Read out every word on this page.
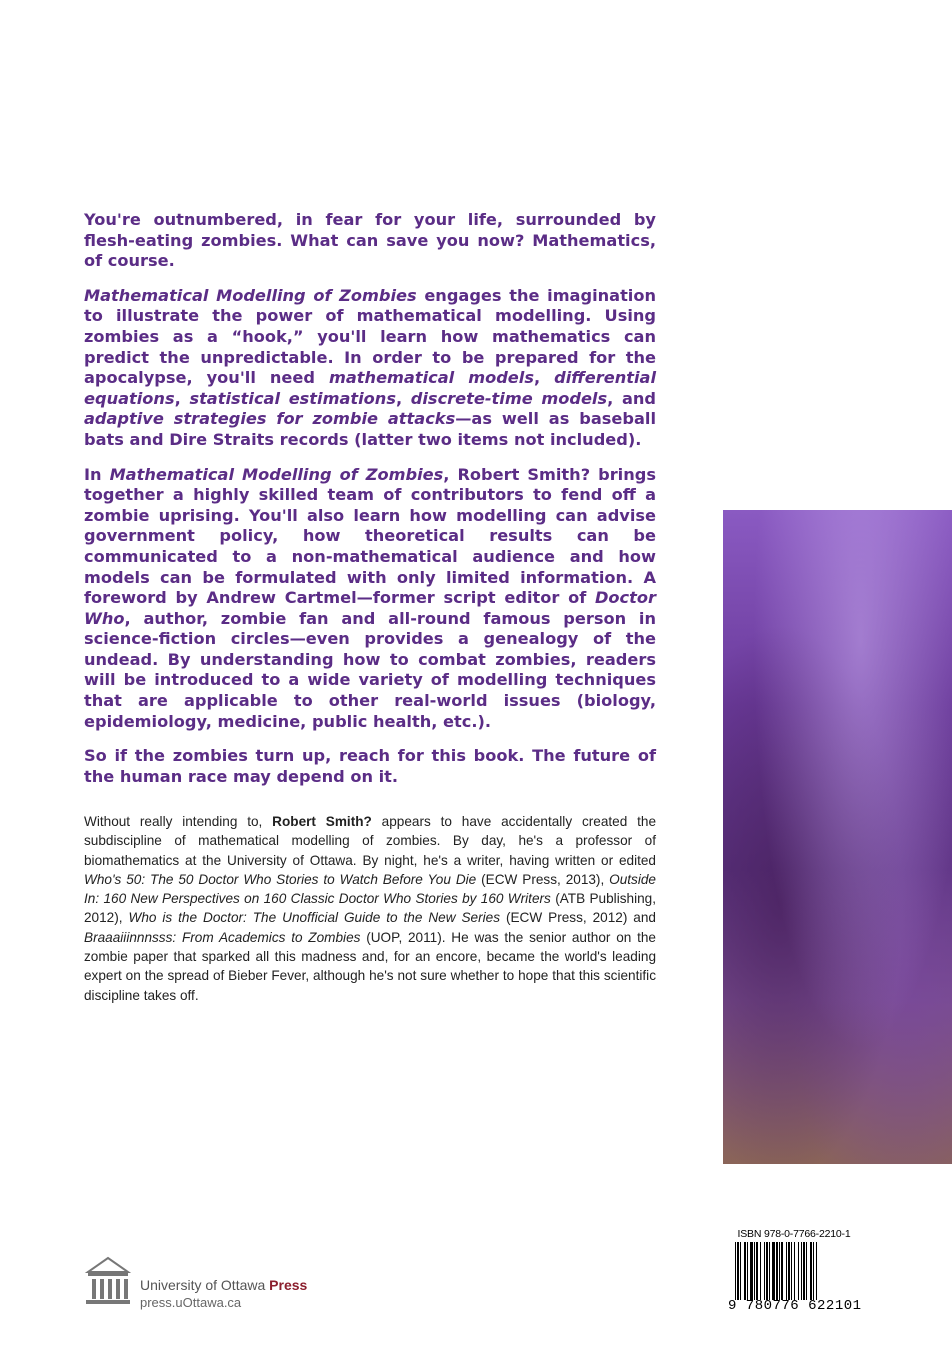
You're outnumbered, in fear for your life, surrounded by flesh-eating zombies. What can save you now? Mathematics, of course.

Mathematical Modelling of Zombies engages the imagination to illustrate the power of mathematical modelling. Using zombies as a “hook,” you'll learn how mathematics can predict the unpredictable. In order to be prepared for the apocalypse, you'll need mathematical models, differential equations, statistical estimations, discrete-time models, and adaptive strategies for zombie attacks—as well as baseball bats and Dire Straits records (latter two items not included).

In Mathematical Modelling of Zombies, Robert Smith? brings together a highly skilled team of contributors to fend off a zombie uprising. You'll also learn how modelling can advise government policy, how theoretical results can be communicated to a non-mathematical audience and how models can be formulated with only limited information. A foreword by Andrew Cartmel—former script editor of Doctor Who, author, zombie fan and all-round famous person in science-fiction circles—even provides a genealogy of the undead. By understanding how to combat zombies, readers will be introduced to a wide variety of modelling techniques that are applicable to other real-world issues (biology, epidemiology, medicine, public health, etc.).

So if the zombies turn up, reach for this book. The future of the human race may depend on it.

Without really intending to, Robert Smith? appears to have accidentally created the subdiscipline of mathematical modelling of zombies. By day, he's a professor of biomathematics at the University of Ottawa. By night, he's a writer, having written or edited Who's 50: The 50 Doctor Who Stories to Watch Before You Die (ECW Press, 2013), Outside In: 160 New Perspectives on 160 Classic Doctor Who Stories by 160 Writers (ATB Publishing, 2012), Who is the Doctor: The Unofficial Guide to the New Series (ECW Press, 2012) and Braaaiiinnnsss: From Academics to Zombies (UOP, 2011). He was the senior author on the zombie paper that sparked all this madness and, for an encore, became the world's leading expert on the spread of Bieber Fever, although he's not sure whether to hope that this scientific discipline takes off.

ISBN 978-0-7766-2210-1
9 780776 622101
University of Ottawa Press
press.uOttawa.ca
